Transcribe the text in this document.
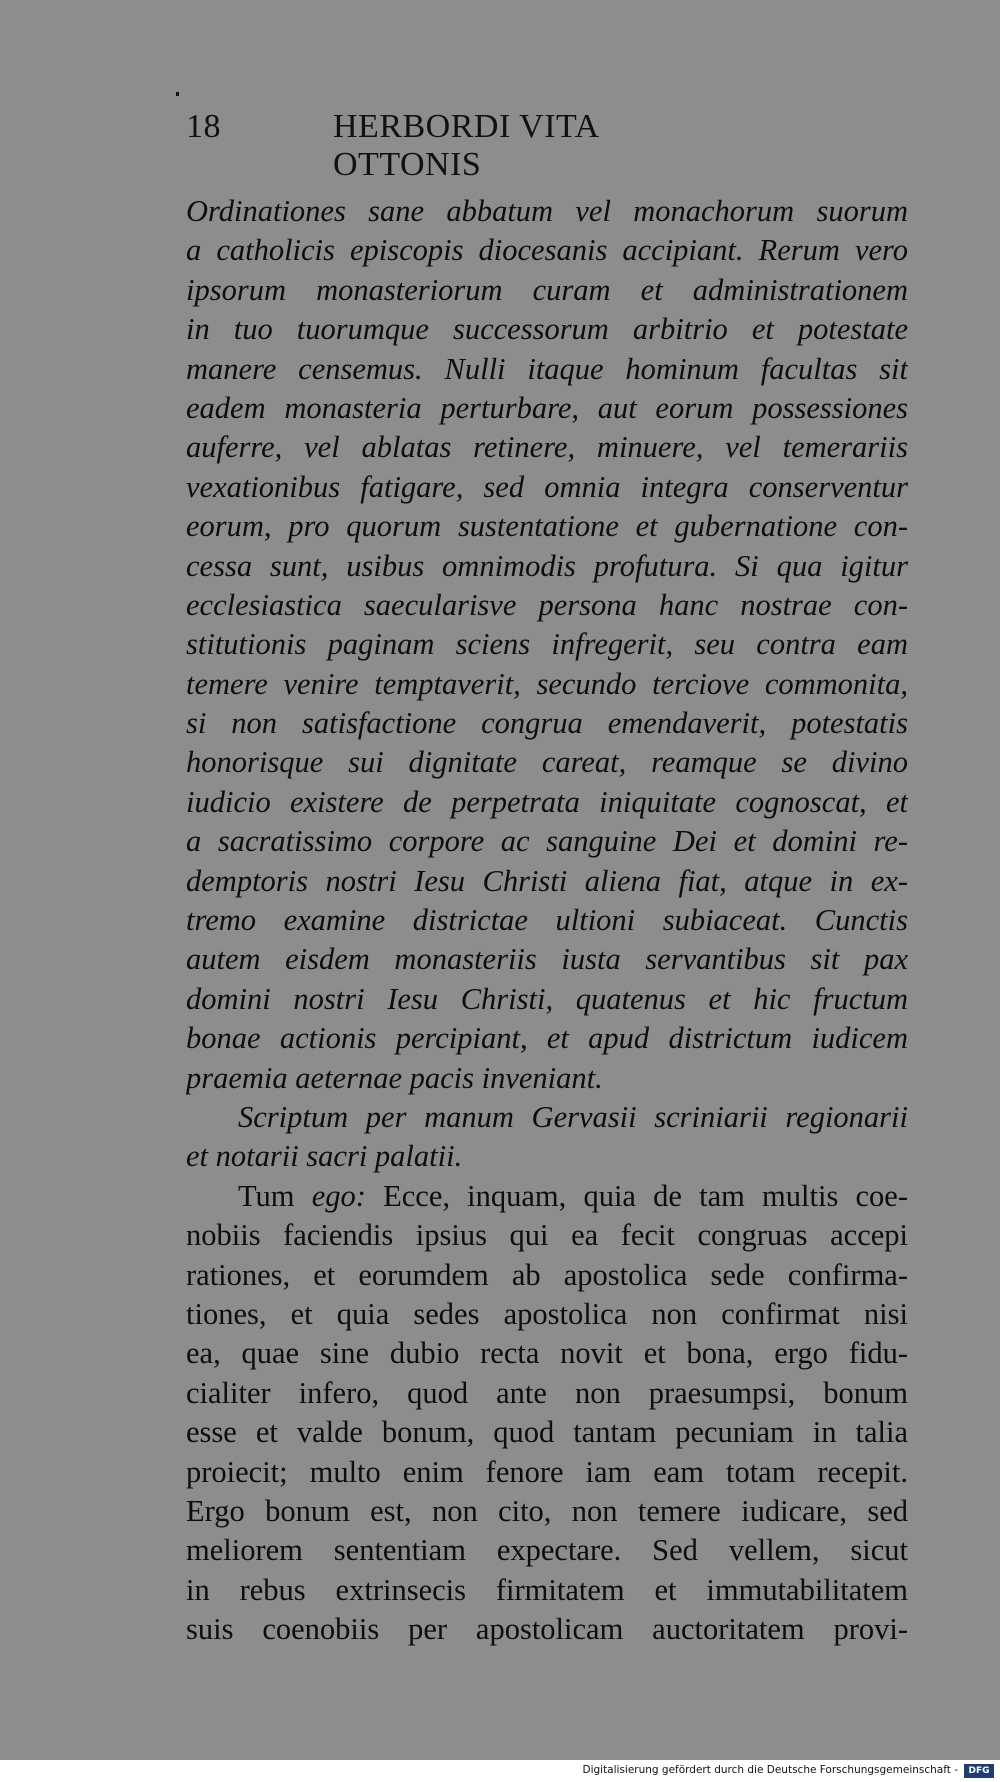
18	HERBORDI VITA OTTONIS
Ordinationes sane abbatum vel monachorum suorum
a catholicis episcopis diocesanis accipiant. Rerum vero
ipsorum monasteriorum curam et administrationem
in tuo tuorumque successorum arbitrio et potestate
manere censemus. Nulli itaque hominum facultas sit
eadem monasteria perturbare, aut eorum possessiones
auferre, vel ablatas retinere, minuere, vel temerariis
vexationibus fatigare, sed omnia integra conserventur
eorum, pro quorum sustentatione et gubernatione con-
cessa sunt, usibus omnimodis profutura. Si qua igitur
ecclesiastica saecularisve persona hanc nostrae con-
stitutionis paginam sciens infregerit, seu contra eam
temere venire temptaverit, secundo terciove commonita,
si non satisfactione congrua emendaverit, potestatis
honorisque sui dignitate careat, reamque se divino
iudicio existere de perpetrata iniquitate cognoscat, et
a sacratissimo corpore ac sanguine Dei et domini re-
demptoris nostri Iesu Christi aliena fiat, atque in ex-
tremo examine districtae ultioni subiaceat. Cunctis
autem eisdem monasteriis iusta servantibus sit pax
domini nostri Iesu Christi, quatenus et hic fructum
bonae actionis percipiant, et apud districtum iudicem
praemia aeternae pacis inveniant.
Scriptum per manum Gervasii scriniarii regionarii
et notarii sacri palatii.
Tum ego: Ecce, inquam, quia de tam multis coe-
nobiis faciendis ipsius qui ea fecit congruas accepi
rationes, et eorumdem ab apostolica sede confirma-
tiones, et quia sedes apostolica non confirmat nisi
ea, quae sine dubio recta novit et bona, ergo fidu-
cialiter infero, quod ante non praesumpsi, bonum
esse et valde bonum, quod tantam pecuniam in talia
proiecit; multo enim fenore iam eam totam recepit.
Ergo bonum est, non cito, non temere iudicare, sed
meliorem sententiam expectare. Sed vellem, sicut
in rebus extrinsecis firmitatem et immutabilitatem
suis coenobiis per apostolicam auctoritatem provi-
Digitalisierung gefördert durch die Deutsche Forschungsgemeinschaft -	DFG
